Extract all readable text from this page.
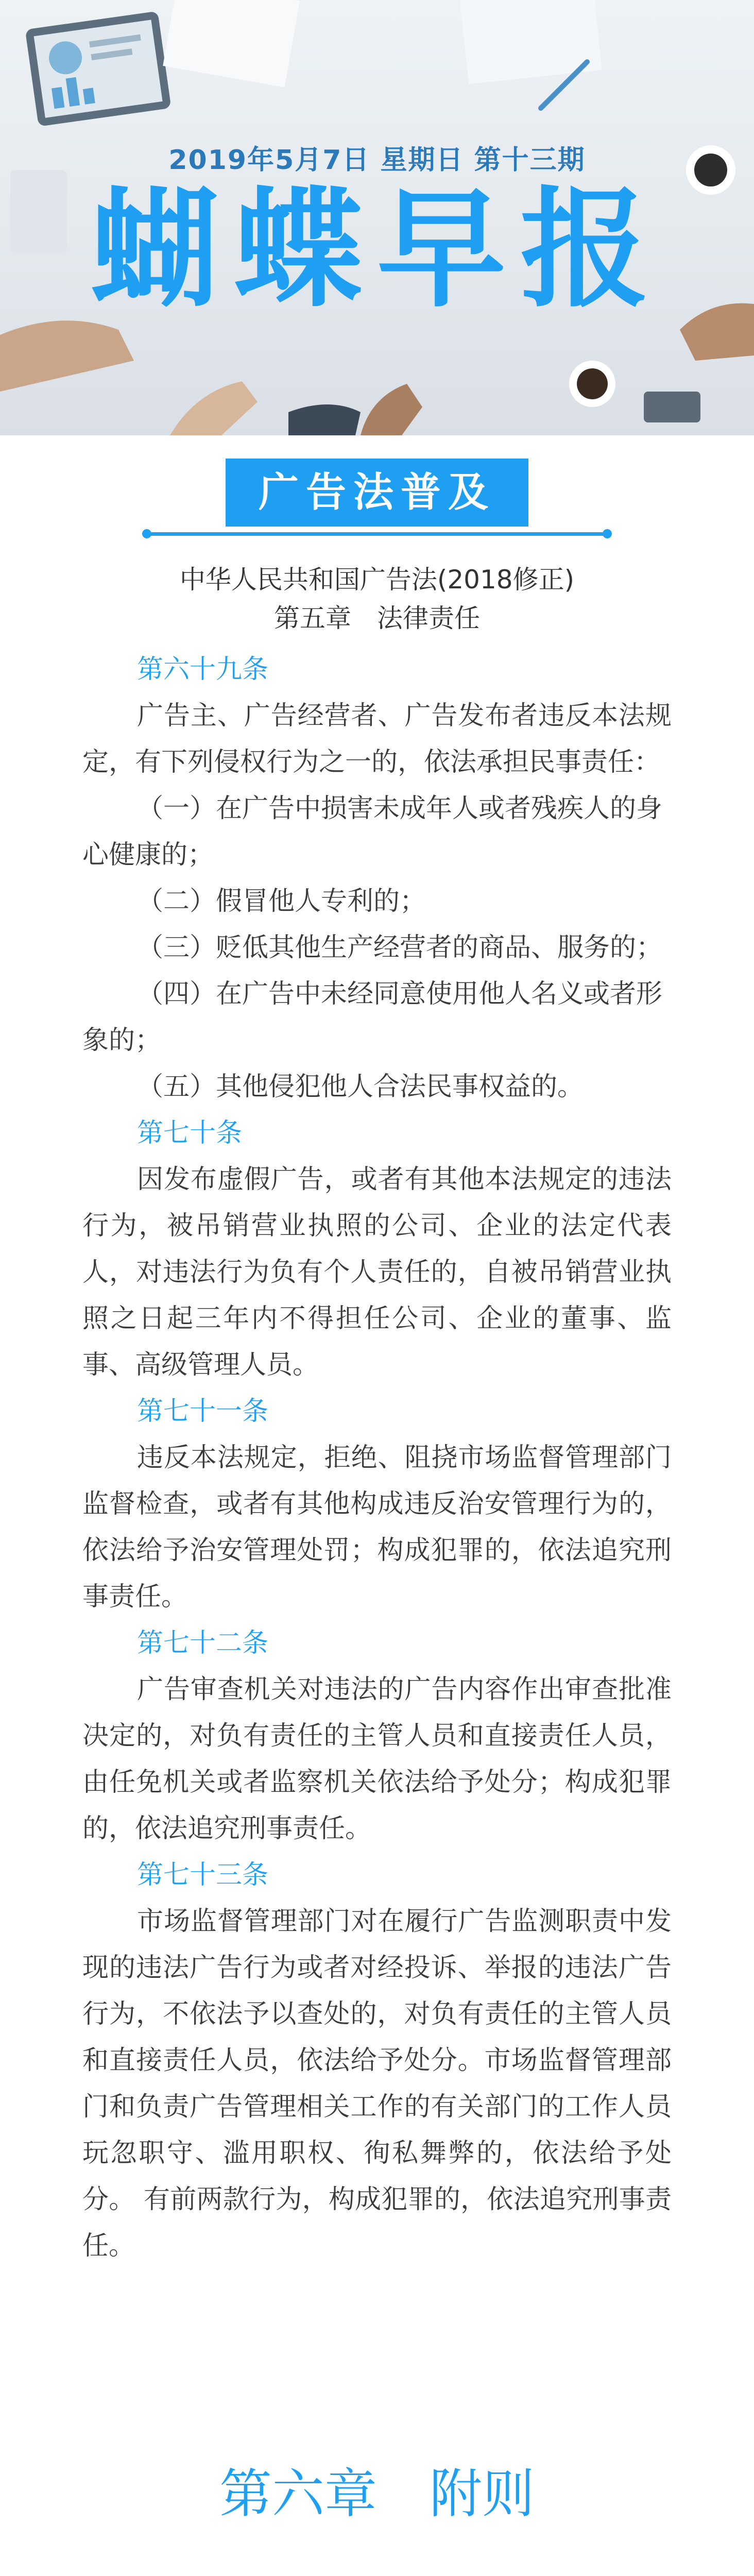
2019年5月7日 星期日 第十三期
蝴蝶早报
广告法普及
中华人民共和国广告法(2018修正)
第五章　法律责任

第六十九条

广告主、广告经营者、广告发布者违反本法规定，有下列侵权行为之一的，依法承担民事责任：

（一）在广告中损害未成年人或者残疾人的身心健康的；

（二）假冒他人专利的；

（三）贬低其他生产经营者的商品、服务的；

（四）在广告中未经同意使用他人名义或者形象的；

（五）其他侵犯他人合法民事权益的。

第七十条

因发布虚假广告，或者有其他本法规定的违法行为，被吊销营业执照的公司、企业的法定代表人，对违法行为负有个人责任的，自被吊销营业执照之日起三年内不得担任公司、企业的董事、监事、高级管理人员。

第七十一条

违反本法规定，拒绝、阻挠市场监督管理部门监督检查，或者有其他构成违反治安管理行为的，依法给予治安管理处罚；构成犯罪的，依法追究刑事责任。

第七十二条

广告审查机关对违法的广告内容作出审查批准决定的，对负有责任的主管人员和直接责任人员，由任免机关或者监察机关依法给予处分；构成犯罪的，依法追究刑事责任。

第七十三条

市场监督管理部门对在履行广告监测职责中发现的违法广告行为或者对经投诉、举报的违法广告行为，不依法予以查处的，对负有责任的主管人员和直接责任人员，依法给予处分。市场监督管理部门和负责广告管理相关工作的有关部门的工作人员玩忽职守、滥用职权、徇私舞弊的，依法给予处分。 有前两款行为，构成犯罪的，依法追究刑事责任。

第六章　附则
